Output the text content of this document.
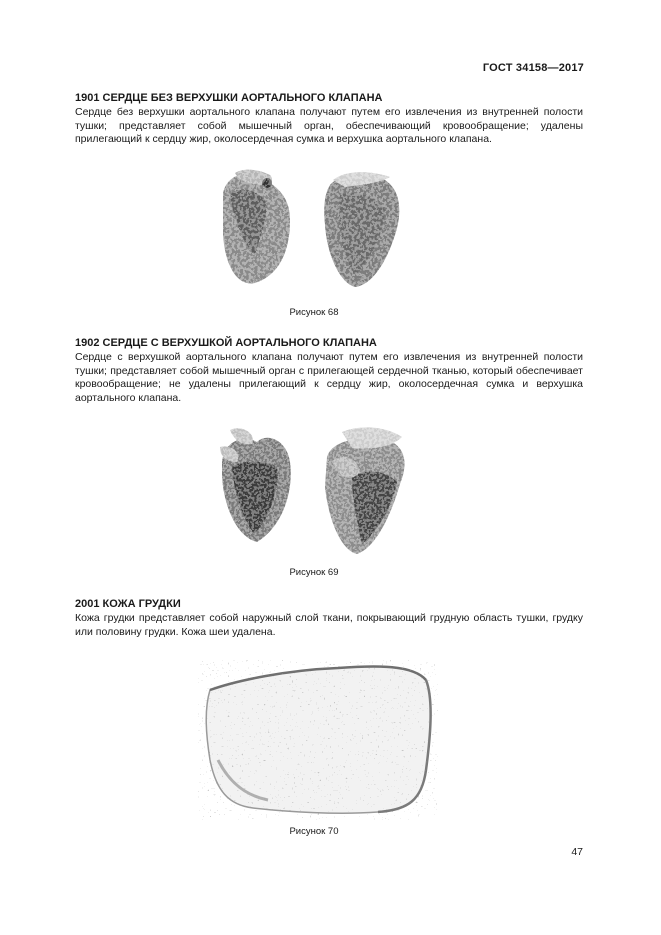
ГОСТ 34158—2017
1901 СЕРДЦЕ БЕЗ ВЕРХУШКИ АОРТАЛЬНОГО КЛАПАНА
Сердце без верхушки аортального клапана получают путем его извлечения из внутренней полости тушки; представляет собой мышечный орган, обеспечивающий кровообращение; удалены прилегающий к сердцу жир, околосердечная сумка и верхушка аортального клапана.
Рисунок 68
1902 СЕРДЦЕ С ВЕРХУШКОЙ АОРТАЛЬНОГО КЛАПАНА
Сердце с верхушкой аортального клапана получают путем его извлечения из внутренней полости тушки; представляет собой мышечный орган с прилегающей сердечной тканью, который обеспечивает кровообращение; не удалены прилегающий к сердцу жир, околосердечная сумка и верхушка аортального клапана.
Рисунок 69
2001 КОЖА ГРУДКИ
Кожа грудки представляет собой наружный слой ткани, покрывающий грудную область тушки, грудку или половину грудки. Кожа шеи удалена.
Рисунок 70
47
